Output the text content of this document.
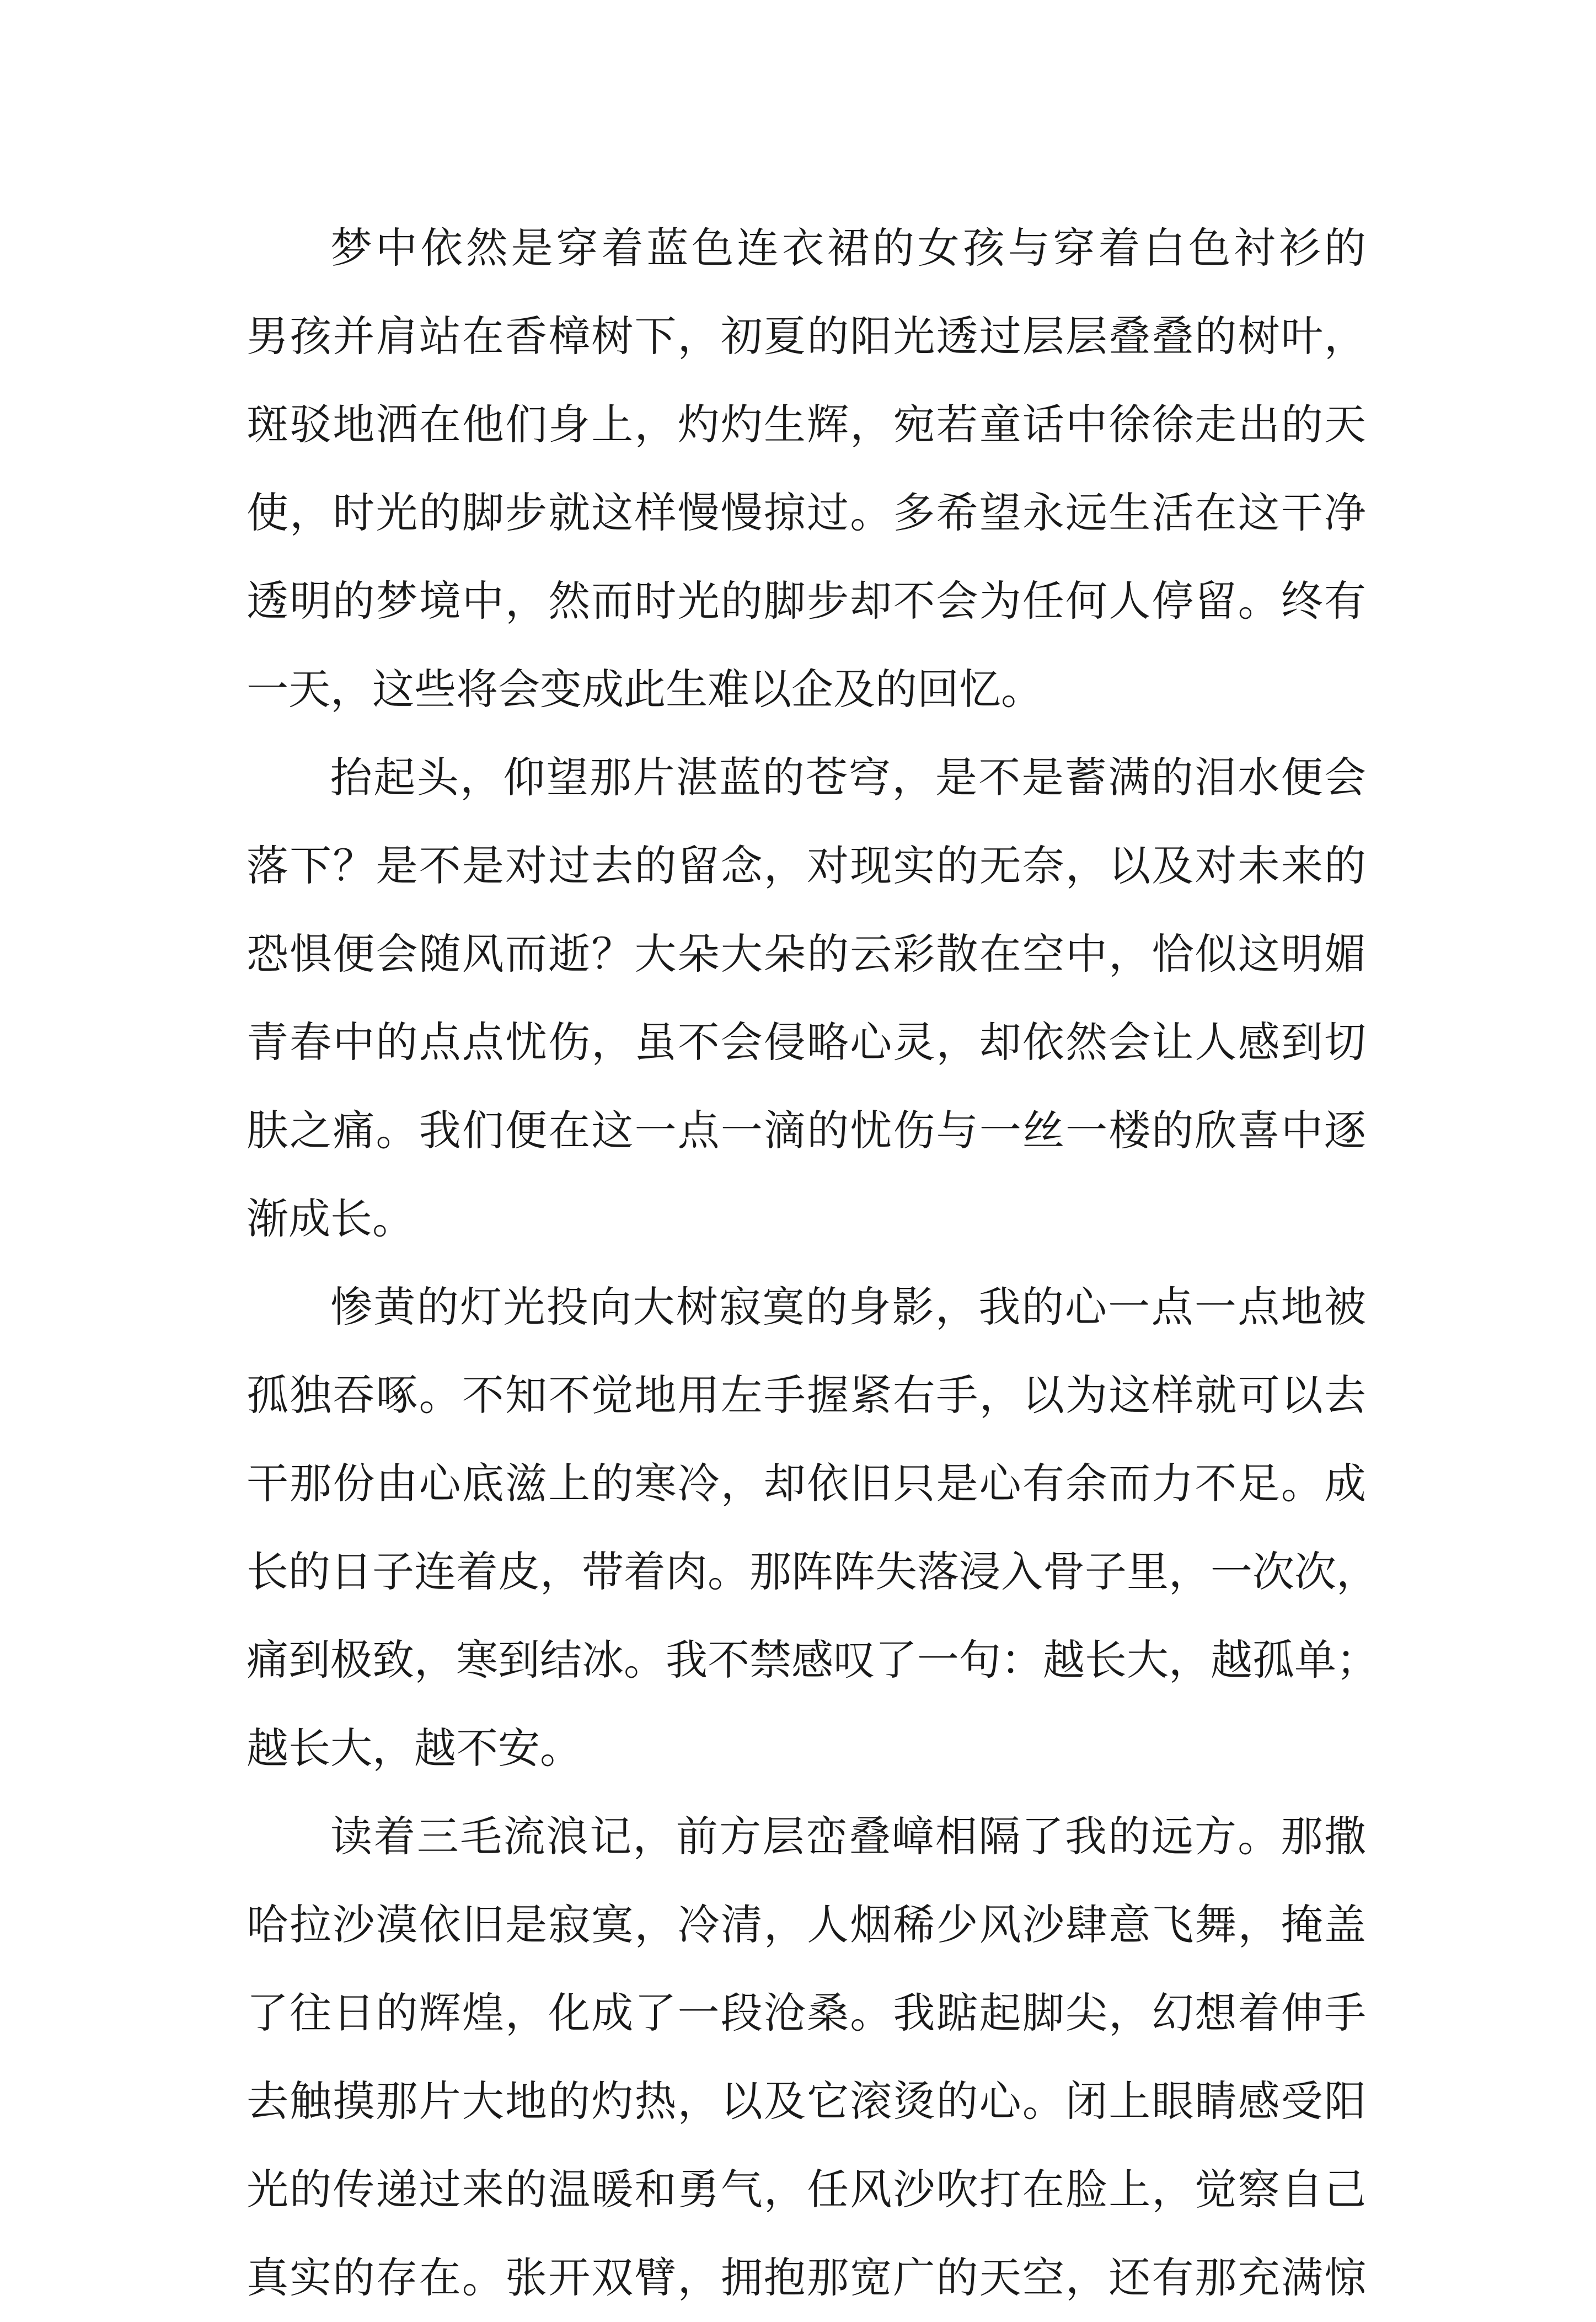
梦中依然是穿着蓝色连衣裙的女孩与穿着白色衬衫的
男孩并肩站在香樟树下，初夏的阳光透过层层叠叠的树叶，
斑驳地洒在他们身上，灼灼生辉，宛若童话中徐徐走出的天
使，时光的脚步就这样慢慢掠过。多希望永远生活在这干净
透明的梦境中，然而时光的脚步却不会为任何人停留。终有
一天，这些将会变成此生难以企及的回忆。

抬起头，仰望那片湛蓝的苍穹，是不是蓄满的泪水便会
落下？是不是对过去的留念，对现实的无奈，以及对未来的
恐惧便会随风而逝？大朵大朵的云彩散在空中，恰似这明媚
青春中的点点忧伤，虽不会侵略心灵，却依然会让人感到切
肤之痛。我们便在这一点一滴的忧伤与一丝一楼的欣喜中逐
渐成长。

惨黄的灯光投向大树寂寞的身影，我的心一点一点地被
孤独吞啄。不知不觉地用左手握紧右手，以为这样就可以去
干那份由心底滋上的寒冷，却依旧只是心有余而力不足。成
长的日子连着皮，带着肉。那阵阵失落浸入骨子里，一次次，
痛到极致，寒到结冰。我不禁感叹了一句：越长大，越孤单；
越长大，越不安。

读着三毛流浪记，前方层峦叠嶂相隔了我的远方。那撒
哈拉沙漠依旧是寂寞，冷清，人烟稀少风沙肆意飞舞，掩盖
了往日的辉煌，化成了一段沧桑。我踮起脚尖，幻想着伸手
去触摸那片大地的灼热，以及它滚烫的心。闭上眼睛感受阳
光的传递过来的温暖和勇气，任风沙吹打在脸上，觉察自己
真实的存在。张开双臂，拥抱那宽广的天空，还有那充满惊
